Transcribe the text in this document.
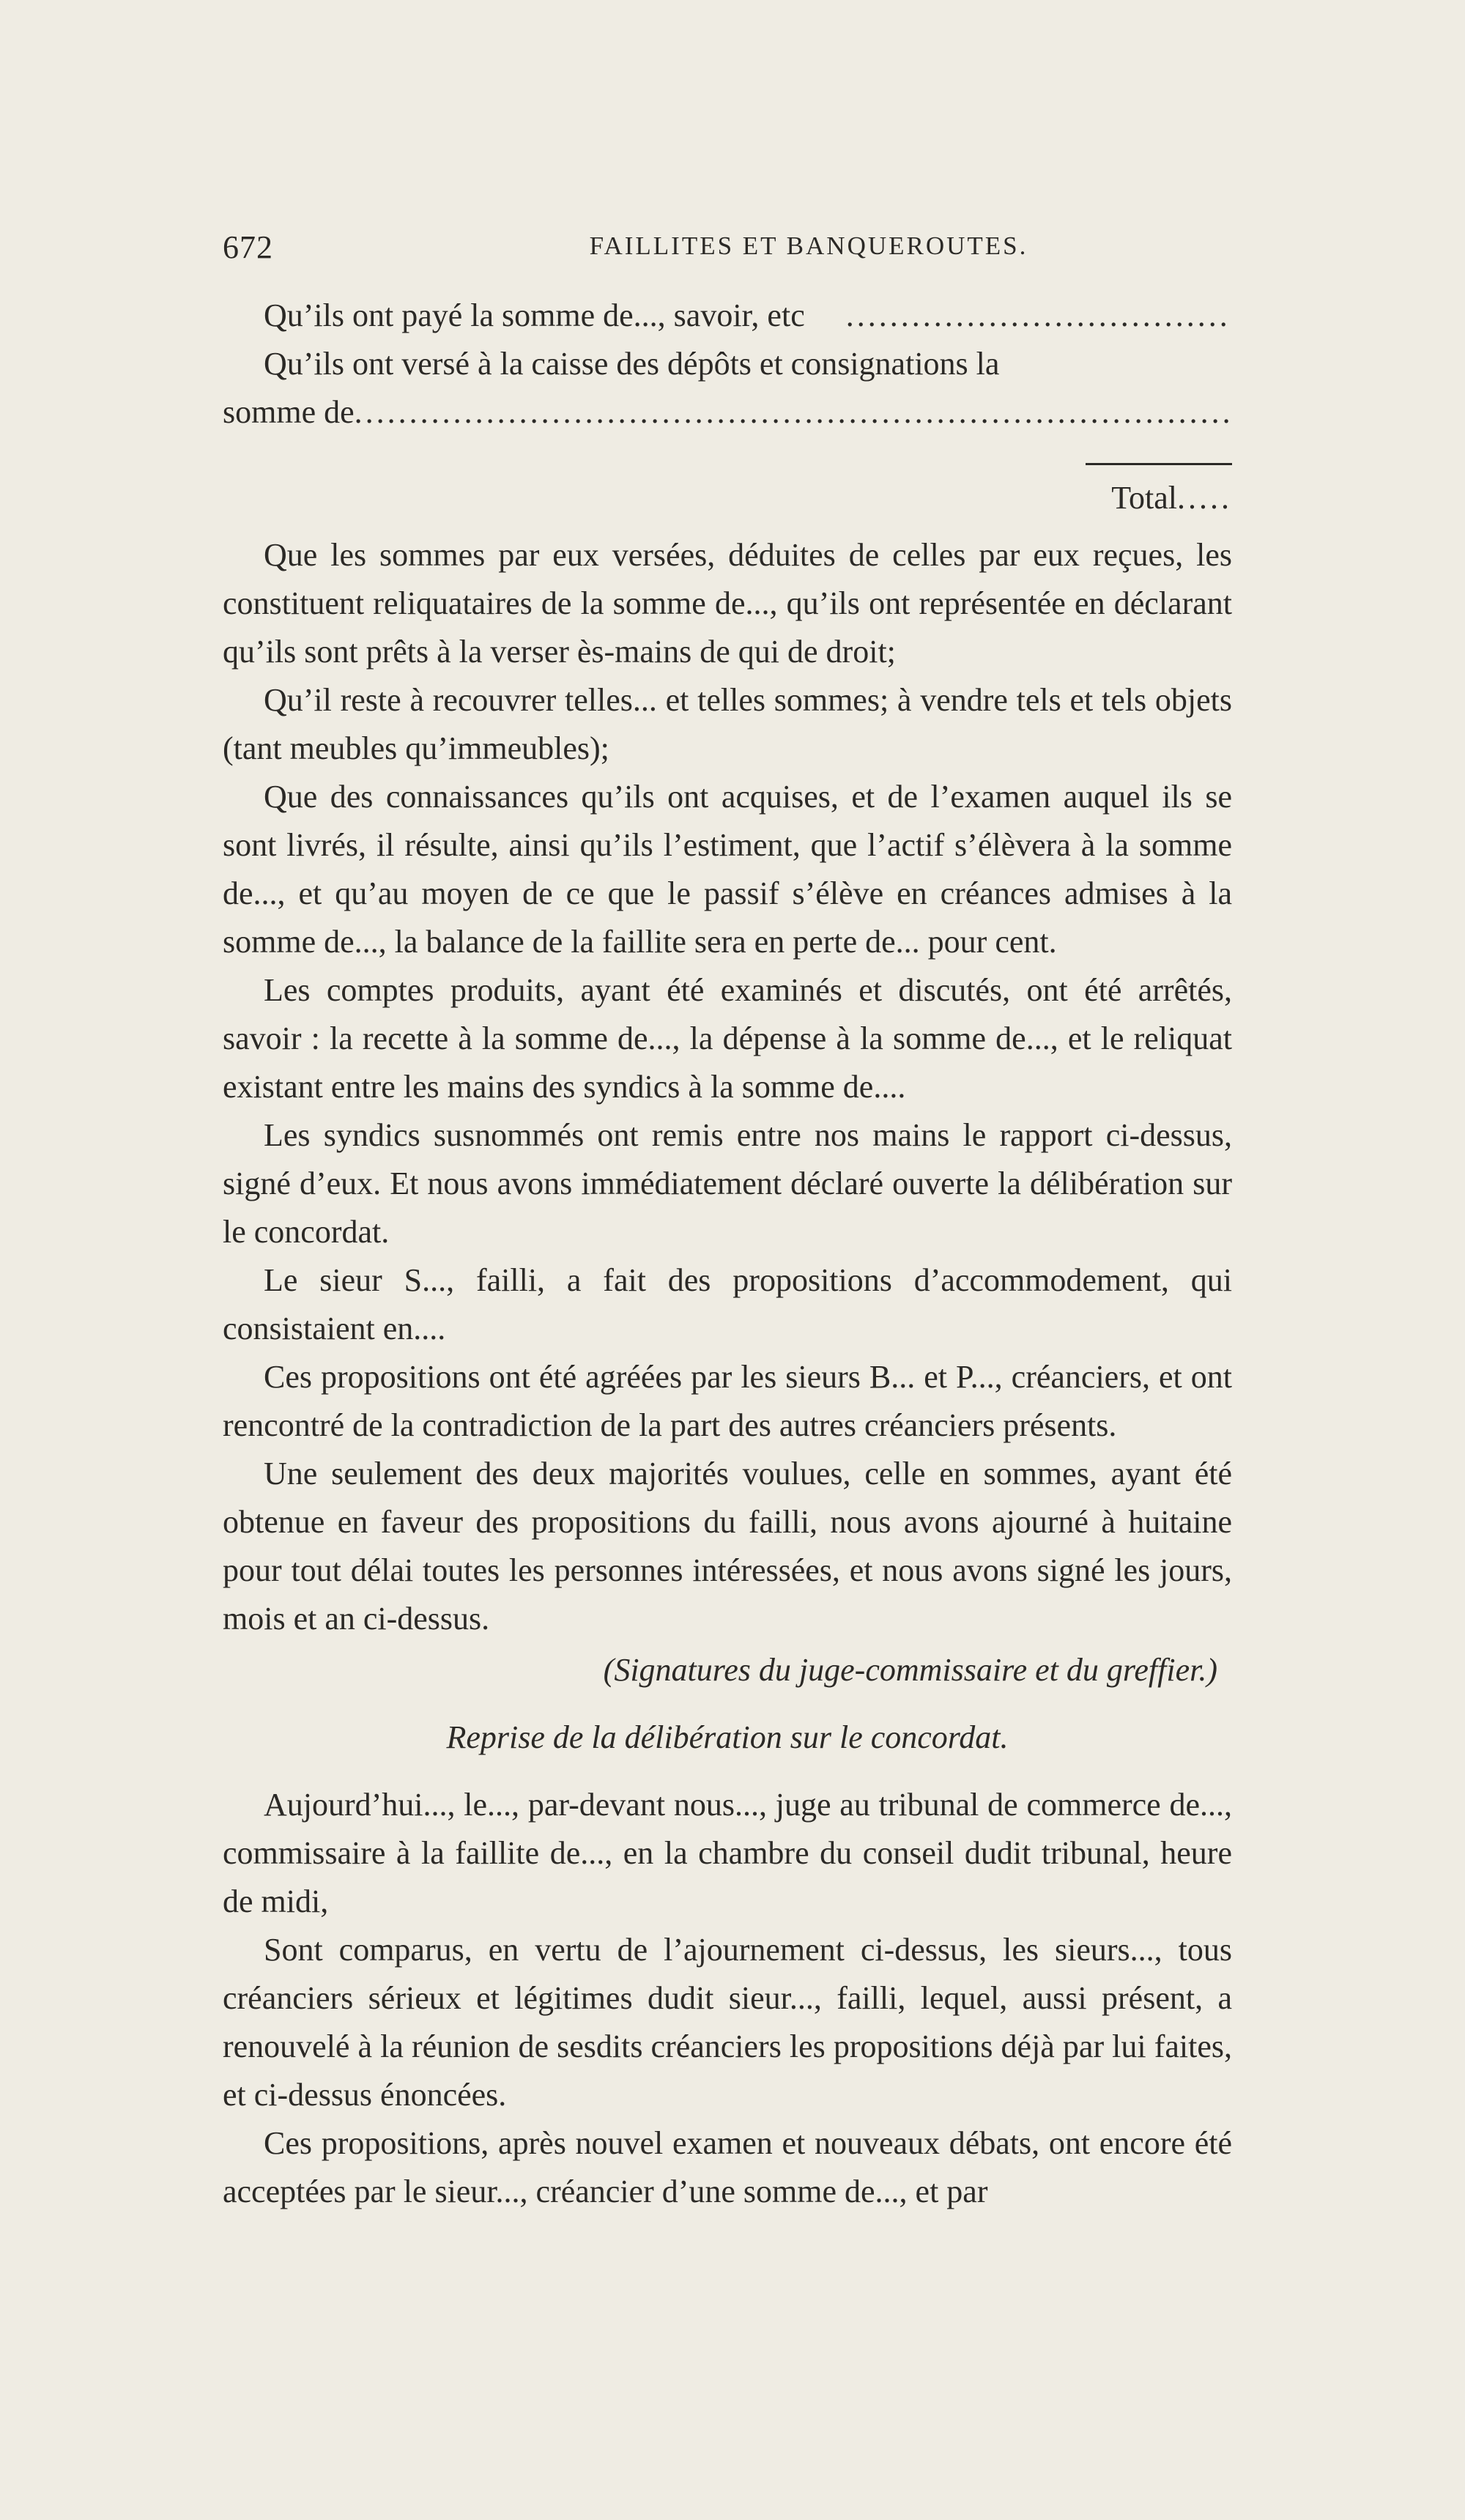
672	FAILLITES ET BANQUEROUTES.

Qu’ils ont payé la somme de..., savoir, etc
.....

Qu’ils ont versé à la caisse des dépôts et consignations la

somme de
.....

Total.....

Que les sommes par eux versées, déduites de celles par eux reçues, les constituent reliquataires de la somme de..., qu’ils ont représentée en déclarant qu’ils sont prêts à la verser ès-mains de qui de droit;

Qu’il reste à recouvrer telles... et telles sommes; à vendre tels et tels objets (tant meubles qu’immeubles);

Que des connaissances qu’ils ont acquises, et de l’examen auquel ils se sont livrés, il résulte, ainsi qu’ils l’estiment, que l’actif s’élèvera à la somme de..., et qu’au moyen de ce que le passif s’élève en créances admises à la somme de..., la balance de la faillite sera en perte de... pour cent.

Les comptes produits, ayant été examinés et discutés, ont été arrêtés, savoir : la recette à la somme de..., la dépense à la somme de..., et le reliquat existant entre les mains des syndics à la somme de....

Les syndics susnommés ont remis entre nos mains le rapport ci-dessus, signé d’eux. Et nous avons immédiatement déclaré ouverte la délibération sur le concordat.

Le sieur S..., failli, a fait des propositions d’accommodement, qui consistaient en....

Ces propositions ont été agréées par les sieurs B... et P..., créanciers, et ont rencontré de la contradiction de la part des autres créanciers présents.

Une seulement des deux majorités voulues, celle en sommes, ayant été obtenue en faveur des propositions du failli, nous avons ajourné à huitaine pour tout délai toutes les personnes intéressées, et nous avons signé les jours, mois et an ci-dessus.

(Signatures du juge-commissaire et du greffier.)
Reprise de la délibération sur le concordat.

Aujourd’hui..., le..., par-devant nous..., juge au tribunal de commerce de..., commissaire à la faillite de..., en la chambre du conseil dudit tribunal, heure de midi,

Sont comparus, en vertu de l’ajournement ci-dessus, les sieurs..., tous créanciers sérieux et légitimes dudit sieur..., failli, lequel, aussi présent, a renouvelé à la réunion de sesdits créanciers les propositions déjà par lui faites, et ci-dessus énoncées.

Ces propositions, après nouvel examen et nouveaux débats, ont encore été acceptées par le sieur..., créancier d’une somme de..., et par
